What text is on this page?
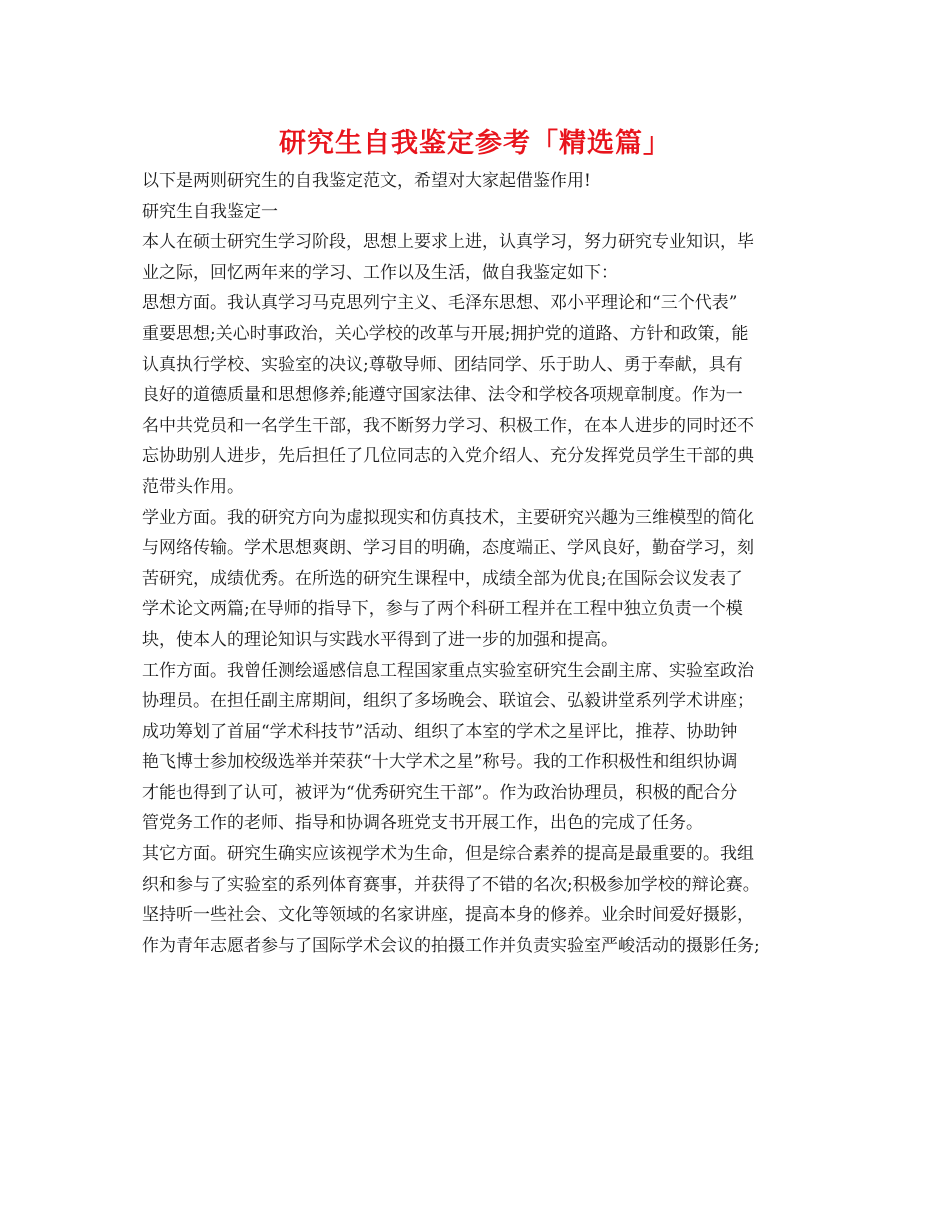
研究生自我鉴定参考「精选篇」
以下是两则研究生的自我鉴定范文，希望对大家起借鉴作用!
研究生自我鉴定一
本人在硕士研究生学习阶段，思想上要求上进，认真学习，努力研究专业知识，毕
业之际，回忆两年来的学习、工作以及生活，做自我鉴定如下：
思想方面。我认真学习马克思列宁主义、毛泽东思想、邓小平理论和“三个代表”
重要思想;关心时事政治，关心学校的改革与开展;拥护党的道路、方针和政策，能
认真执行学校、实验室的决议;尊敬导师、团结同学、乐于助人、勇于奉献，具有
良好的道德质量和思想修养;能遵守国家法律、法令和学校各项规章制度。作为一
名中共党员和一名学生干部，我不断努力学习、积极工作，在本人进步的同时还不
忘协助别人进步，先后担任了几位同志的入党介绍人、充分发挥党员学生干部的典
范带头作用。
学业方面。我的研究方向为虚拟现实和仿真技术，主要研究兴趣为三维模型的简化
与网络传输。学术思想爽朗、学习目的明确，态度端正、学风良好，勤奋学习，刻
苦研究，成绩优秀。在所选的研究生课程中，成绩全部为优良;在国际会议发表了
学术论文两篇;在导师的指导下，参与了两个科研工程并在工程中独立负责一个模
块，使本人的理论知识与实践水平得到了进一步的加强和提高。
工作方面。我曾任测绘遥感信息工程国家重点实验室研究生会副主席、实验室政治
协理员。在担任副主席期间，组织了多场晚会、联谊会、弘毅讲堂系列学术讲座；
成功筹划了首届“学术科技节”活动、组织了本室的学术之星评比，推荐、协助钟
艳飞博士参加校级选举并荣获“十大学术之星”称号。我的工作积极性和组织协调
才能也得到了认可，被评为“优秀研究生干部”。作为政治协理员，积极的配合分
管党务工作的老师、指导和协调各班党支书开展工作，出色的完成了任务。
其它方面。研究生确实应该视学术为生命，但是综合素养的提高是最重要的。我组
织和参与了实验室的系列体育赛事，并获得了不错的名次;积极参加学校的辩论赛。
坚持听一些社会、文化等领域的名家讲座，提高本身的修养。业余时间爱好摄影，
作为青年志愿者参与了国际学术会议的拍摄工作并负责实验室严峻活动的摄影任务;
